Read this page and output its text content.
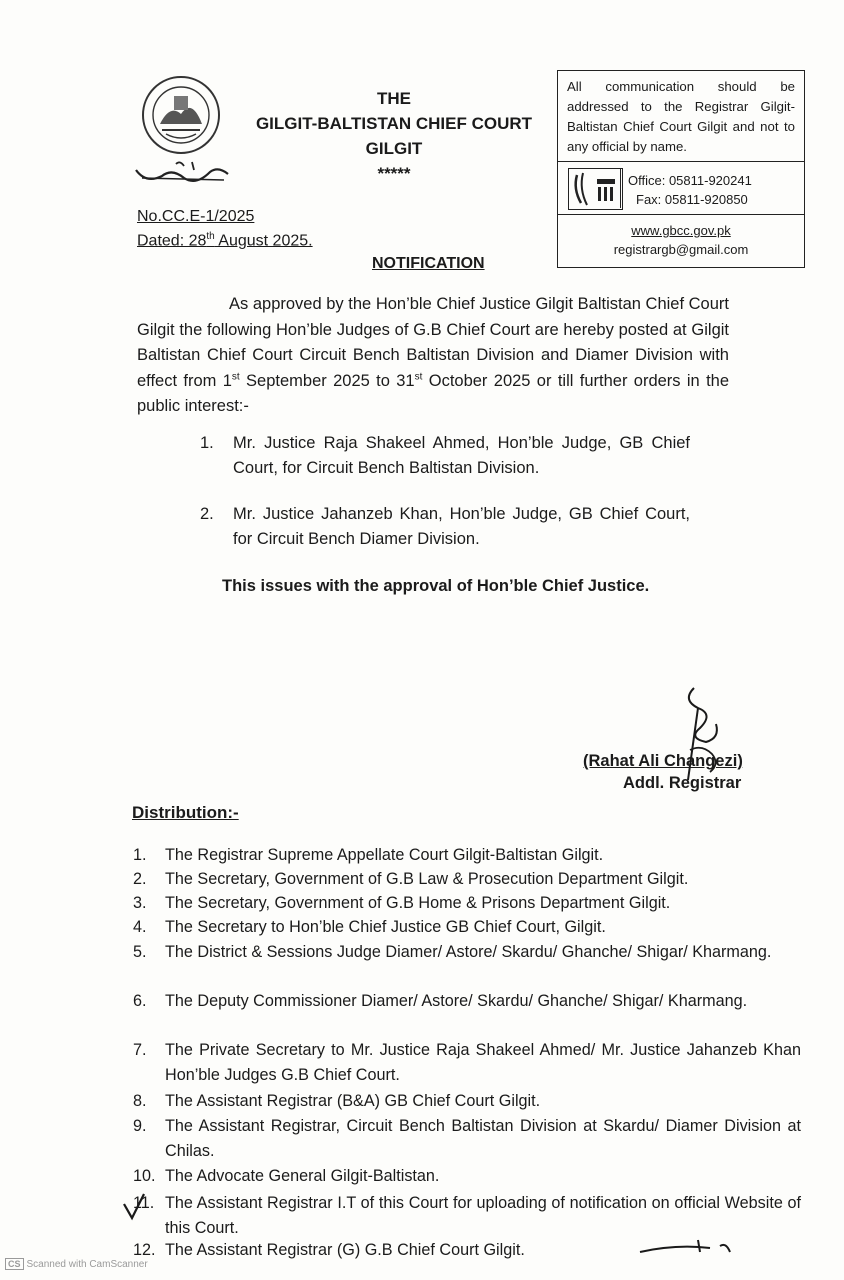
THE
GILGIT-BALTISTAN CHIEF COURT
GILGIT
*****
All communication should be addressed to the Registrar Gilgit-Baltistan Chief Court Gilgit and not to any official by name.
Office: 05811-920241
Fax: 05811-920850
www.gbcc.gov.pk
registrargb@gmail.com
No.CC.E-1/2025
Dated: 28th August 2025.
NOTIFICATION
As approved by the Hon’ble Chief Justice Gilgit Baltistan Chief Court Gilgit the following Hon’ble Judges of G.B Chief Court are hereby posted at Gilgit Baltistan Chief Court Circuit Bench Baltistan Division and Diamer Division with effect from 1st September 2025 to 31st October 2025 or till further orders in the public interest:-
1. Mr. Justice Raja Shakeel Ahmed, Hon’ble Judge, GB Chief Court, for Circuit Bench Baltistan Division.
2. Mr. Justice Jahanzeb Khan, Hon’ble Judge, GB Chief Court, for Circuit Bench Diamer Division.
This issues with the approval of Hon’ble Chief Justice.
(Rahat Ali Changezi)
Addl. Registrar
Distribution:-
1. The Registrar Supreme Appellate Court Gilgit-Baltistan Gilgit.
2. The Secretary, Government of G.B Law & Prosecution Department Gilgit.
3. The Secretary, Government of G.B Home & Prisons Department Gilgit.
4. The Secretary to Hon’ble Chief Justice GB Chief Court, Gilgit.
5. The District & Sessions Judge Diamer/ Astore/ Skardu/ Ghanche/ Shigar/ Kharmang.
6. The Deputy Commissioner Diamer/ Astore/ Skardu/ Ghanche/ Shigar/ Kharmang.
7. The Private Secretary to Mr. Justice Raja Shakeel Ahmed/ Mr. Justice Jahanzeb Khan Hon’ble Judges G.B Chief Court.
8. The Assistant Registrar (B&A) GB Chief Court Gilgit.
9. The Assistant Registrar, Circuit Bench Baltistan Division at Skardu/ Diamer Division at Chilas.
10. The Advocate General Gilgit-Baltistan.
11. The Assistant Registrar I.T of this Court for uploading of notification on official Website of this Court.
12. The Assistant Registrar (G) G.B Chief Court Gilgit.
CS Scanned with CamScanner
